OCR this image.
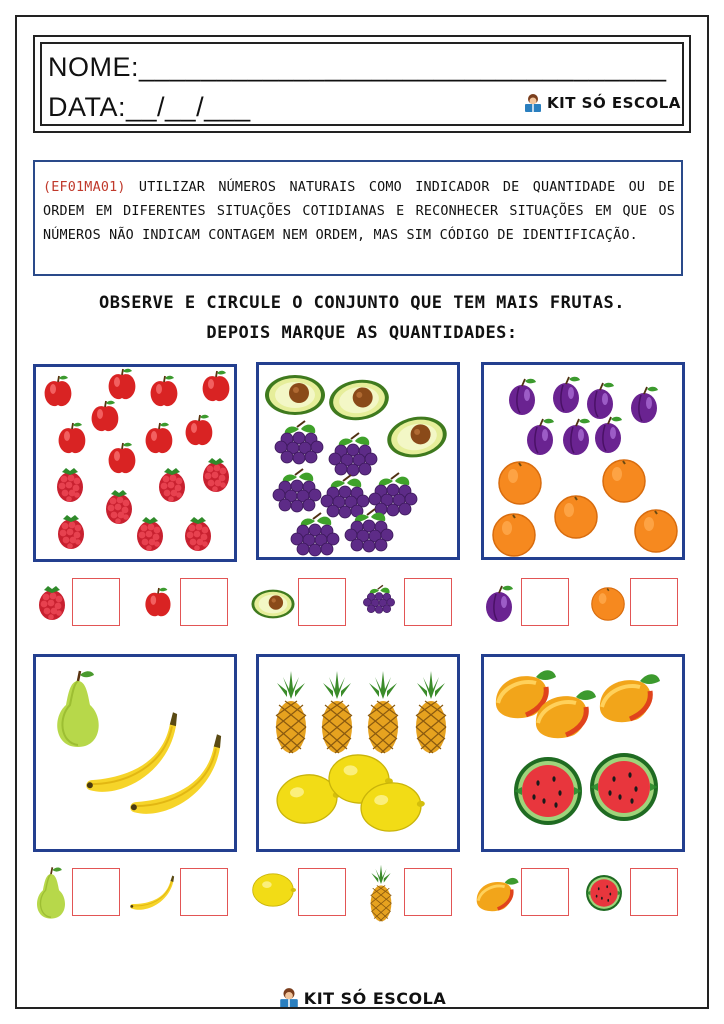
NOME:__________________________________
DATA:__/__/___	KIT SÓ ESCOLA

(EF01MA01) UTILIZAR NÚMEROS NATURAIS COMO INDICADOR DE QUANTIDADE OU DE ORDEM EM DIFERENTES SITUAÇÕES COTIDIANAS E RECONHECER SITUAÇÕES EM QUE OS NÚMEROS NÃO INDICAM CONTAGEM NEM ORDEM, MAS SIM CÓDIGO DE IDENTIFICAÇÃO.

OBSERVE E CIRCULE O CONJUNTO QUE TEM MAIS FRUTAS.
DEPOIS MARQUE AS QUANTIDADES:
KIT SÓ ESCOLA
